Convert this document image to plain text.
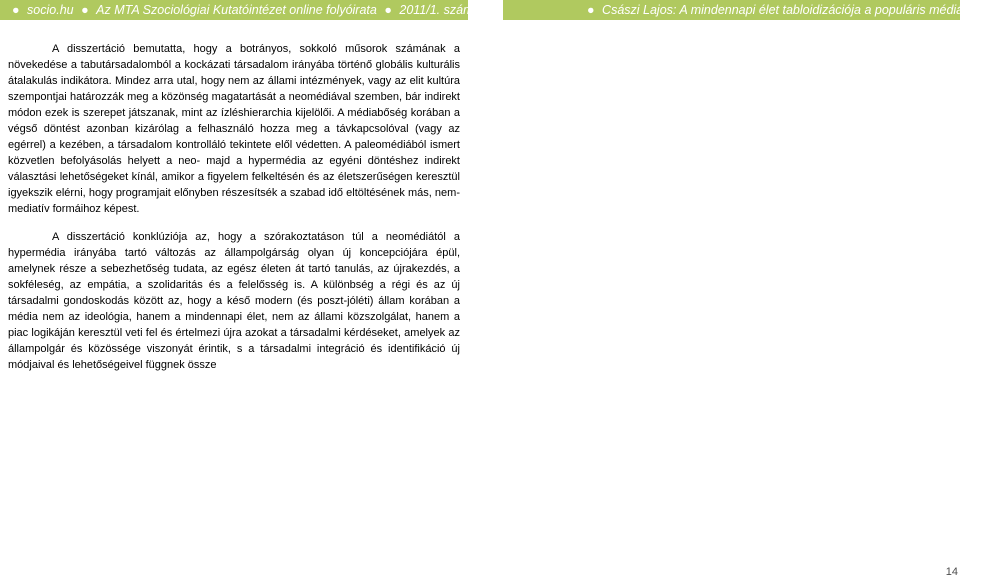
● socio.hu ● Az MTA Szociológiai Kutatóintézet online folyóirata ● 2011/1. szám ●	● Császi Lajos: A mindennapi élet tabloidizációja a populáris médiában ●

A disszertáció bemutatta, hogy a botrányos, sokkoló műsorok számának a növekedése a tabutársadalomból a kockázati társadalom irányába történő globális kulturális átalakulás indikátora. Mindez arra utal, hogy nem az állami intézmények, vagy az elit kultúra szempontjai határozzák meg a közönség magatartását a neomédiával szemben, bár indirekt módon ezek is szerepet játszanak, mint az ízléshierarchia kijelölői. A médiabőség korában a végső döntést azonban kizárólag a felhasználó hozza meg a távkapcsolóval (vagy az egérrel) a kezében, a társadalom kontrolláló tekintete elől védetten. A paleomédiából ismert közvetlen befolyásolás helyett a neo- majd a hypermédia az egyéni döntéshez indirekt választási lehetőségeket kínál, amikor a figyelem felkeltésén és az életszerűségen keresztül igyekszik elérni, hogy programjait előnyben részesítsék a szabad idő eltöltésének más, nem-mediatív formáihoz képest.

A disszertáció konklúziója az, hogy a szórakoztatáson túl a neomédiától a hypermédia irányába tartó változás az állampolgárság olyan új koncepciójára épül, amelynek része a sebezhetőség tudata, az egész életen át tartó tanulás, az újrakezdés, a sokféleség, az empátia, a szolidaritás és a felelősség is. A különbség a régi és az új társadalmi gondoskodás között az, hogy a késő modern (és poszt-jóléti) állam korában a média nem az ideológia, hanem a mindennapi élet, nem az állami közszolgálat, hanem a piac logikáján keresztül veti fel és értelmezi újra azokat a társadalmi kérdéseket, amelyek az állampolgár és közössége viszonyát érintik, s a társadalmi integráció és identifikáció új módjaival és lehetőségeivel függnek össze

14
